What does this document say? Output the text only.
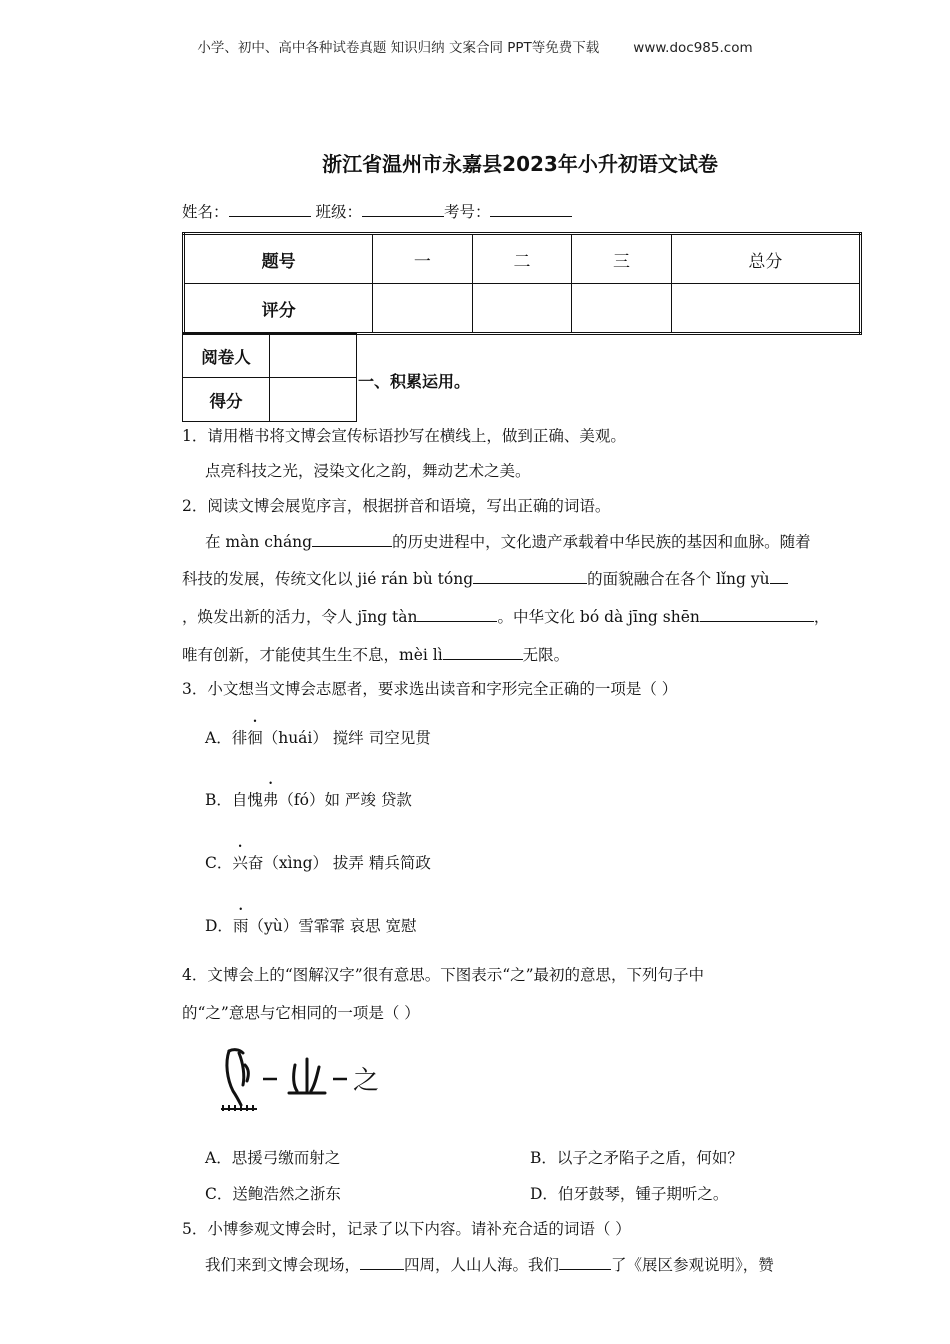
小学、初中、高中各种试卷真题 知识归纳 文案合同 PPT等免费下载	www.doc985.com
浙江省温州市永嘉县2023年小升初语文试卷
姓名：	班级：	考号：
题号	一	二	三	总分
评分				
阅卷人	
得分	
一、积累运用。
1．请用楷书将文博会宣传标语抄写在横线上，做到正确、美观。
点亮科技之光，浸染文化之韵，舞动艺术之美。
2．阅读文博会展览序言，根据拼音和语境，写出正确的词语。
在 màn cháng	的历史进程中，文化遗产承载着中华民族的基因和血脉。随着
科技的发展，传统文化以 jié rán bù tóng	的面貌融合在各个 lǐng yù
，焕发出新的活力，令人 jīng tàn	。中华文化 bó dà jīng shēn	，
唯有创新，才能使其生生不息，mèi lì	无限。
3．小文想当文博会志愿者，要求选出读音和字形完全正确的一项是（ ）
A．徘徊（huái） 搅绊 司空见贯
B．自愧弗（fó）如 严竣 贷款
C．兴奋（xìng） 拔弄 精兵简政
D．雨（yù）雪霏霏 哀思 宽慰
4．文博会上的“图解汉字”很有意思。下图表示“之”最初的意思，下列句子中
的“之”意思与它相同的一项是（ ）
之
A．思援弓缴而射之	B．以子之矛陷子之盾，何如？
C．送鲍浩然之浙东	D．伯牙鼓琴，锺子期听之。
5．小博参观文博会时，记录了以下内容。请补充合适的词语（ ）
我们来到文博会现场，	四周，人山人海。我们	了《展区参观说明》，赞
